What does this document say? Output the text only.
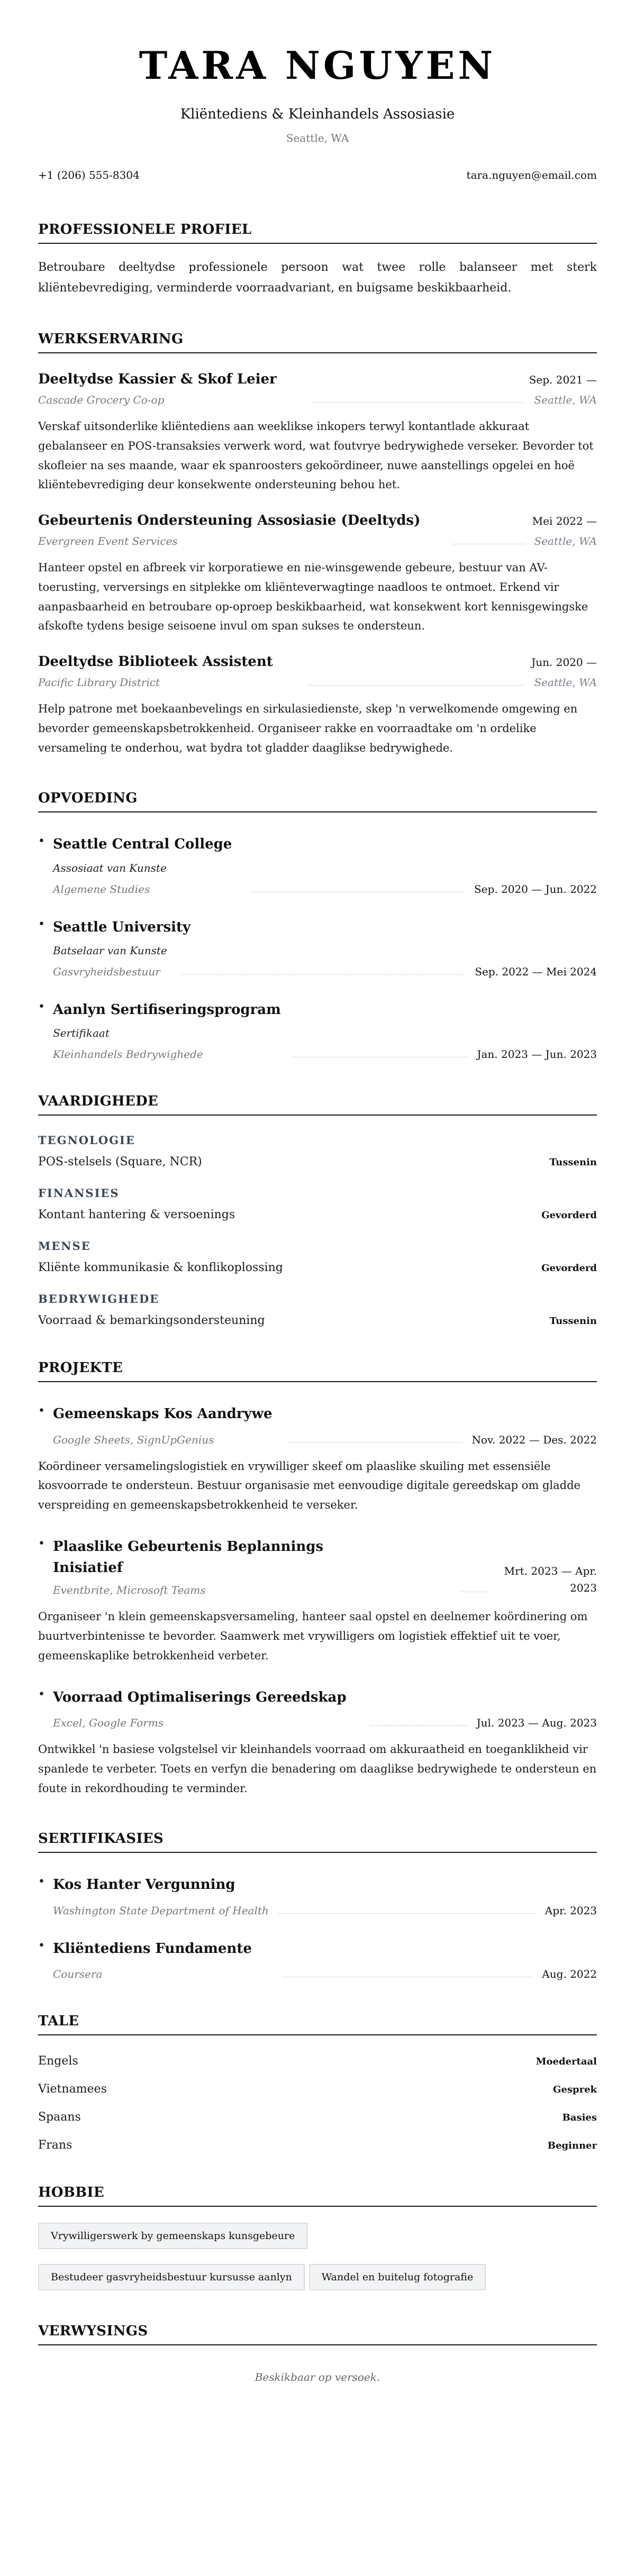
TARA NGUYEN
Kliëntediens & Kleinhandels Assosiasie
Seattle, WA
+1 (206) 555-8304	tara.nguyen@email.com
PROFESSIONELE PROFIEL

Betroubare deeltydse professionele persoon wat twee rolle balanseer met sterk kliëntebevrediging, verminderde voorraadvariant, en buigsame beskikbaarheid.

WERKSERVARING
Deeltydse Kassier & Skof Leier	Sep. 2021 —
Cascade Grocery Co-op	Seattle, WA

Verskaf uitsonderlike kliëntediens aan weeklikse inkopers terwyl kontantlade akkuraat gebalanseer en POS-transaksies verwerk word, wat foutvrye bedrywighede verseker. Bevorder tot skofleier na ses maande, waar ek spanroosters gekoördineer, nuwe aanstellings opgelei en hoë kliëntebevrediging deur konsekwente ondersteuning behou het.

Gebeurtenis Ondersteuning Assosiasie (Deeltyds)	Mei 2022 —
Evergreen Event Services	Seattle, WA

Hanteer opstel en afbreek vir korporatiewe en nie-winsgewende gebeure, bestuur van AV-toerusting, verversings en sitplekke om kliënteverwagtinge naadloos te ontmoet. Erkend vir aanpasbaarheid en betroubare op-oproep beskikbaarheid, wat konsekwent kort kennisgewingske afskofte tydens besige seisoene invul om span sukses te ondersteun.

Deeltydse Biblioteek Assistent	Jun. 2020 —
Pacific Library District	Seattle, WA

Help patrone met boekaanbevelings en sirkulasiedienste, skep 'n verwelkomende omgewing en bevorder gemeenskapsbetrokkenheid. Organiseer rakke en voorraadtake om 'n ordelike versameling te onderhou, wat bydra tot gladder daaglikse bedrywighede.

OPVOEDING
• Seattle Central College
Assosiaat van Kunste
Algemene Studies	Sep. 2020 — Jun. 2022
• Seattle University
Batselaar van Kunste
Gasvryheidsbestuur	Sep. 2022 — Mei 2024
• Aanlyn Sertifiseringsprogram
Sertifikaat
Kleinhandels Bedrywighede	Jan. 2023 — Jun. 2023
VAARDIGHEDE
TEGNOLOGIE
POS-stelsels (Square, NCR)	Tussenin
FINANSIES
Kontant hantering & versoenings	Gevorderd
MENSE
Kliënte kommunikasie & konflikoplossing	Gevorderd
BEDRYWIGHEDE
Voorraad & bemarkingsondersteuning	Tussenin
PROJEKTE
• Gemeenskaps Kos Aandrywe
Google Sheets, SignUpGenius	Nov. 2022 — Des. 2022

Koördineer versamelingslogistiek en vrywilliger skeef om plaaslike skuiling met essensiële kosvoorrade te ondersteun. Bestuur organisasie met eenvoudige digitale gereedskap om gladde verspreiding en gemeenskapsbetrokkenheid te verseker.

• Plaaslike Gebeurtenis Beplannings Inisiatief
Eventbrite, Microsoft Teams
Mrt. 2023 — Apr. 2023

Organiseer 'n klein gemeenskapsversameling, hanteer saal opstel en deelnemer koördinering om buurtverbintenisse te bevorder. Saamwerk met vrywilligers om logistiek effektief uit te voer, gemeenskaplike betrokkenheid verbeter.

• Voorraad Optimaliserings Gereedskap
Excel, Google Forms	Jul. 2023 — Aug. 2023

Ontwikkel 'n basiese volgstelsel vir kleinhandels voorraad om akkuraatheid en toeganklikheid vir spanlede te verbeter. Toets en verfyn die benadering om daaglikse bedrywighede te ondersteun en foute in rekordhouding te verminder.

SERTIFIKASIES
• Kos Hanter Vergunning
Washington State Department of Health	Apr. 2023
• Kliëntediens Fundamente
Coursera	Aug. 2022
TALE
Engels	Moedertaal
Vietnamees	Gesprek
Spaans	Basies
Frans	Beginner
HOBBIE
Vrywilligerswerk by gemeenskaps kunsgebeure
Bestudeer gasvryheidsbestuur kursusse aanlyn	Wandel en buitelug fotografie
VERWYSINGS

Beskikbaar op versoek.
